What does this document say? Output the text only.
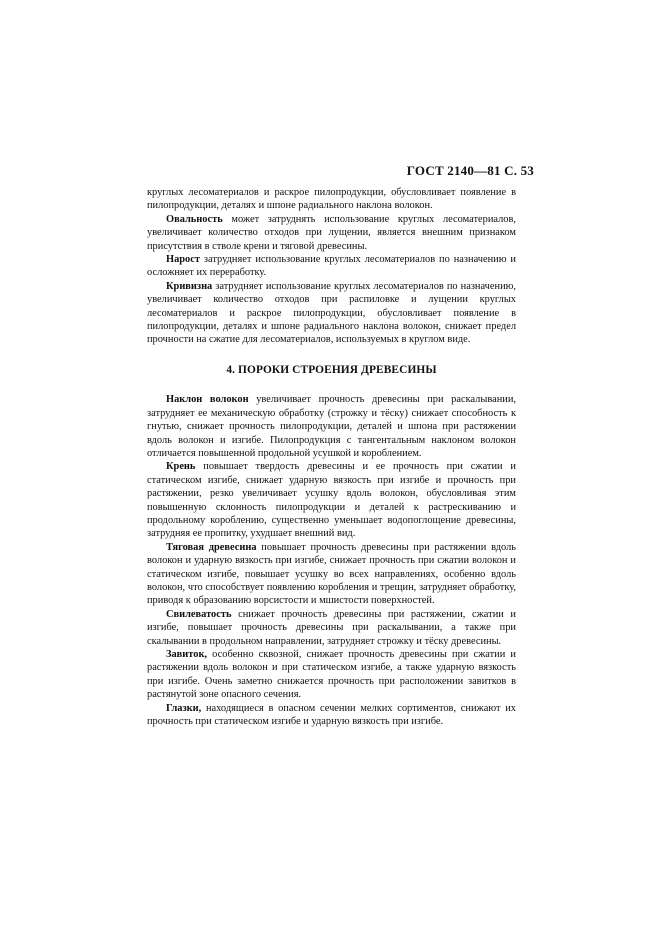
ГОСТ 2140—81 С. 53

круглых лесоматериалов и раскрое пилопродукции, обусловливает появление в пилопродукции, деталях и шпоне радиального наклона волокон.

Овальность может затруднять использование круглых лесоматериалов, увеличивает количество отходов при лущении, является внешним признаком присутствия в стволе крени и тяговой древесины.

Нарост затрудняет использование круглых лесоматериалов по назначению и осложняет их переработку.

Кривизна затрудняет использование круглых лесоматериалов по назначению, увеличивает количество отходов при распиловке и лущении круглых лесоматериалов и раскрое пилопродукции, обусловливает появление в пилопродукции, деталях и шпоне радиального наклона волокон, снижает предел прочности на сжатие для лесоматериалов, используемых в круглом виде.

4. ПОРОКИ СТРОЕНИЯ ДРЕВЕСИНЫ

Наклон волокон увеличивает прочность древесины при раскалывании, затрудняет ее механическую обработку (строжку и тёску) снижает способность к гнутью, снижает прочность пилопродукции, деталей и шпона при растяжении вдоль волокон и изгибе. Пилопродукция с тангентальным наклоном волокон отличается повышенной продольной усушкой и короблением.

Крень повышает твердость древесины и ее прочность при сжатии и статическом изгибе, снижает ударную вязкость при изгибе и прочность при растяжении, резко увеличивает усушку вдоль волокон, обусловливая этим повышенную склонность пилопродукции и деталей к растрескиванию и продольному короблению, существенно уменьшает водопоглощение древесины, затрудняя ее пропитку, ухудшает внешний вид.

Тяговая древесина повышает прочность древесины при растяжении вдоль волокон и ударную вязкость при изгибе, снижает прочность при сжатии волокон и статическом изгибе, повышает усушку во всех направлениях, особенно вдоль волокон, что способствует появлению коробления и трещин, затрудняет обработку, приводя к образованию ворсистости и мшистости поверхностей.

Свилеватость снижает прочность древесины при растяжении, сжатии и изгибе, повышает прочность древесины при раскалывании, а также при скалывании в продольном направлении, затрудняет строжку и тёску древесины.

Завиток, особенно сквозной, снижает прочность древесины при сжатии и растяжении вдоль волокон и при статическом изгибе, а также ударную вязкость при изгибе. Очень заметно снижается прочность при расположении завитков в растянутой зоне опасного сечения.

Глазки, находящиеся в опасном сечении мелких сортиментов, снижают их прочность при статическом изгибе и ударную вязкость при изгибе.
